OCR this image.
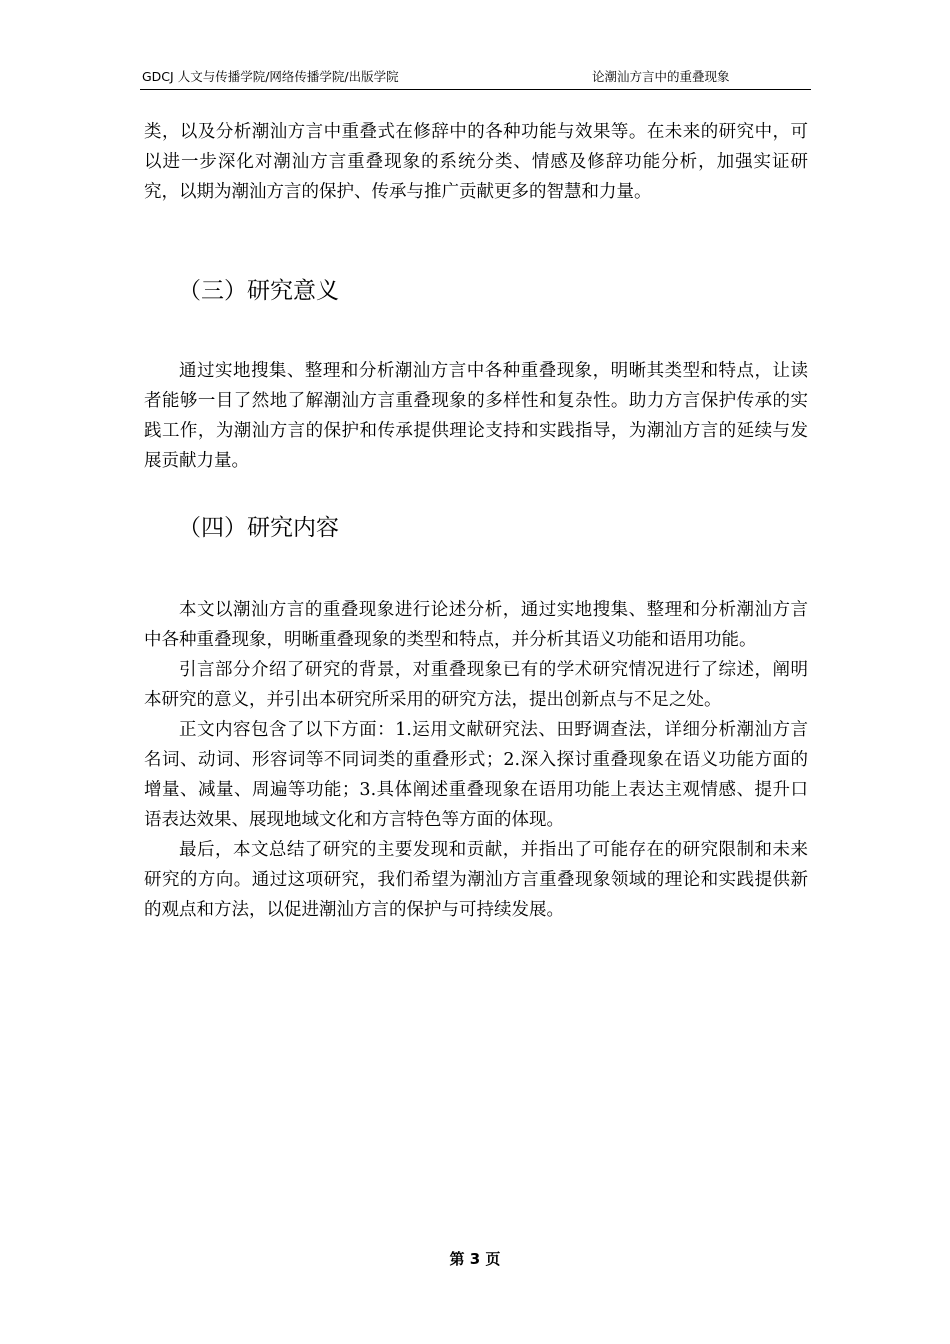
GDCJ 人文与传播学院/网络传播学院/出版学院	论潮汕方言中的重叠现象

类，以及分析潮汕方言中重叠式在修辞中的各种功能与效果等。在未来的研究中，可以进一步深化对潮汕方言重叠现象的系统分类、情感及修辞功能分析，加强实证研究，以期为潮汕方言的保护、传承与推广贡献更多的智慧和力量。

（三）研究意义

通过实地搜集、整理和分析潮汕方言中各种重叠现象，明晰其类型和特点，让读者能够一目了然地了解潮汕方言重叠现象的多样性和复杂性。助力方言保护传承的实践工作，为潮汕方言的保护和传承提供理论支持和实践指导，为潮汕方言的延续与发展贡献力量。

（四）研究内容

本文以潮汕方言的重叠现象进行论述分析，通过实地搜集、整理和分析潮汕方言中各种重叠现象，明晰重叠现象的类型和特点，并分析其语义功能和语用功能。

引言部分介绍了研究的背景，对重叠现象已有的学术研究情况进行了综述，阐明本研究的意义，并引出本研究所采用的研究方法，提出创新点与不足之处。

正文内容包含了以下方面：1.运用文献研究法、田野调查法，详细分析潮汕方言名词、动词、形容词等不同词类的重叠形式；2.深入探讨重叠现象在语义功能方面的增量、减量、周遍等功能；3.具体阐述重叠现象在语用功能上表达主观情感、提升口语表达效果、展现地域文化和方言特色等方面的体现。

最后，本文总结了研究的主要发现和贡献，并指出了可能存在的研究限制和未来研究的方向。通过这项研究，我们希望为潮汕方言重叠现象领域的理论和实践提供新的观点和方法，以促进潮汕方言的保护与可持续发展。

第 3 页
